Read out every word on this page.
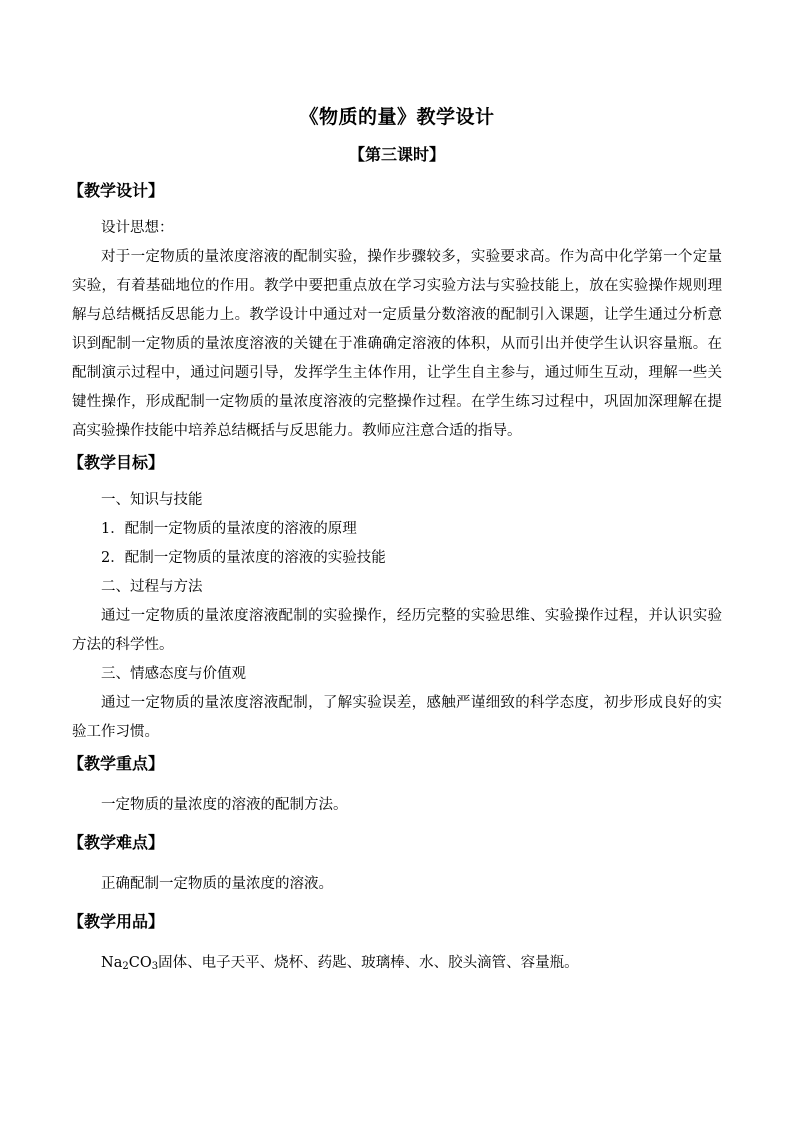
《物质的量》教学设计

【第三课时】

【教学设计】

设计思想：

对于一定物质的量浓度溶液的配制实验，操作步骤较多，实验要求高。作为高中化学第一个定量实验，有着基础地位的作用。教学中要把重点放在学习实验方法与实验技能上，放在实验操作规则理解与总结概括反思能力上。教学设计中通过对一定质量分数溶液的配制引入课题，让学生通过分析意识到配制一定物质的量浓度溶液的关键在于准确确定溶液的体积，从而引出并使学生认识容量瓶。在配制演示过程中，通过问题引导，发挥学生主体作用，让学生自主参与，通过师生互动，理解一些关键性操作，形成配制一定物质的量浓度溶液的完整操作过程。在学生练习过程中，巩固加深理解在提高实验操作技能中培养总结概括与反思能力。教师应注意合适的指导。

【教学目标】

一、知识与技能

1．配制一定物质的量浓度的溶液的原理

2．配制一定物质的量浓度的溶液的实验技能

二、过程与方法

通过一定物质的量浓度溶液配制的实验操作，经历完整的实验思维、实验操作过程，并认识实验方法的科学性。

三、情感态度与价值观

通过一定物质的量浓度溶液配制，了解实验误差，感触严谨细致的科学态度，初步形成良好的实验工作习惯。

【教学重点】

一定物质的量浓度的溶液的配制方法。

【教学难点】

正确配制一定物质的量浓度的溶液。

【教学用品】

$Na_2CO_3$固体、电子天平、烧杯、药匙、玻璃棒、水、胶头滴管、容量瓶。
